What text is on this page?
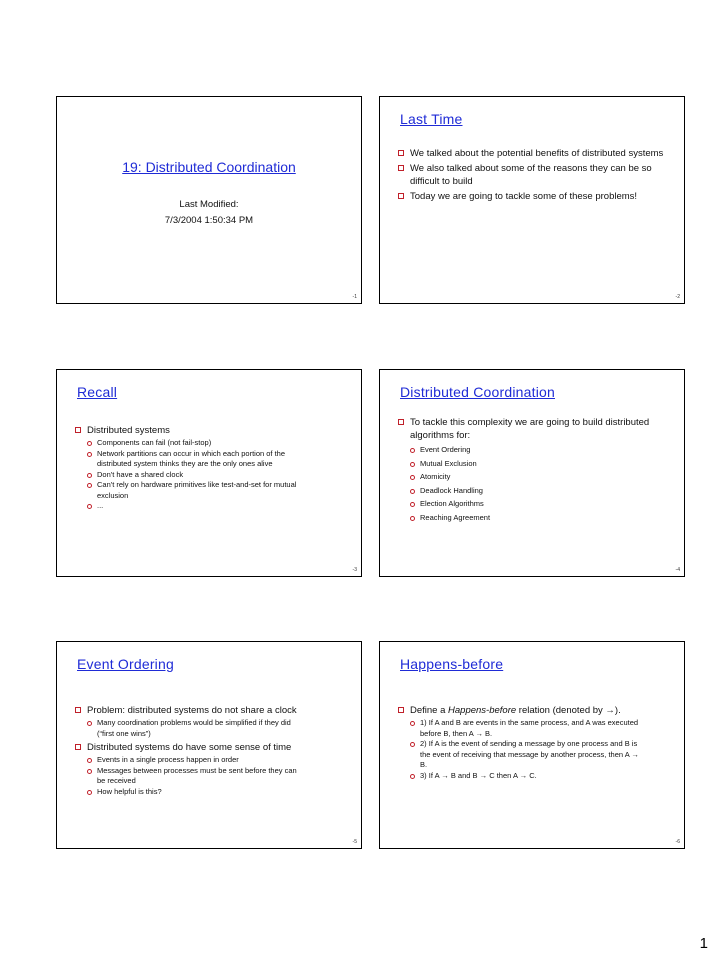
19: Distributed Coordination
Last Modified:
7/3/2004 1:50:34 PM
-1
Last Time
We talked about the potential benefits of distributed systems
We also talked about some of the reasons they can be so difficult to build
Today we are going to tackle some of these problems!
-2
Recall
Distributed systems
Components can fail (not fail-stop)
Network partitions can occur in which each portion of the distributed system thinks they are the only ones alive
Don't have a shared clock
Can't rely on hardware primitives like test-and-set for mutual exclusion
...
-3
Distributed Coordination
To tackle this complexity we are going to build distributed algorithms for:
Event Ordering
Mutual Exclusion
Atomicity
Deadlock Handling
Election Algorithms
Reaching Agreement
-4
Event Ordering
Problem: distributed systems do not share a clock
Many coordination problems would be simplified if they did (“first one wins”)
Distributed systems do have some sense of time
Events in a single process happen in order
Messages between processes must be sent before they can be received
How helpful is this?
-5
Happens-before
Define a Happens-before relation (denoted by →).
1) If A and B are events in the same process, and A was executed before B, then A → B.
2) If A is the event of sending a message by one process and B is the event of receiving that message by another process, then A → B.
3) If A → B and B → C then A → C.
-6
1
